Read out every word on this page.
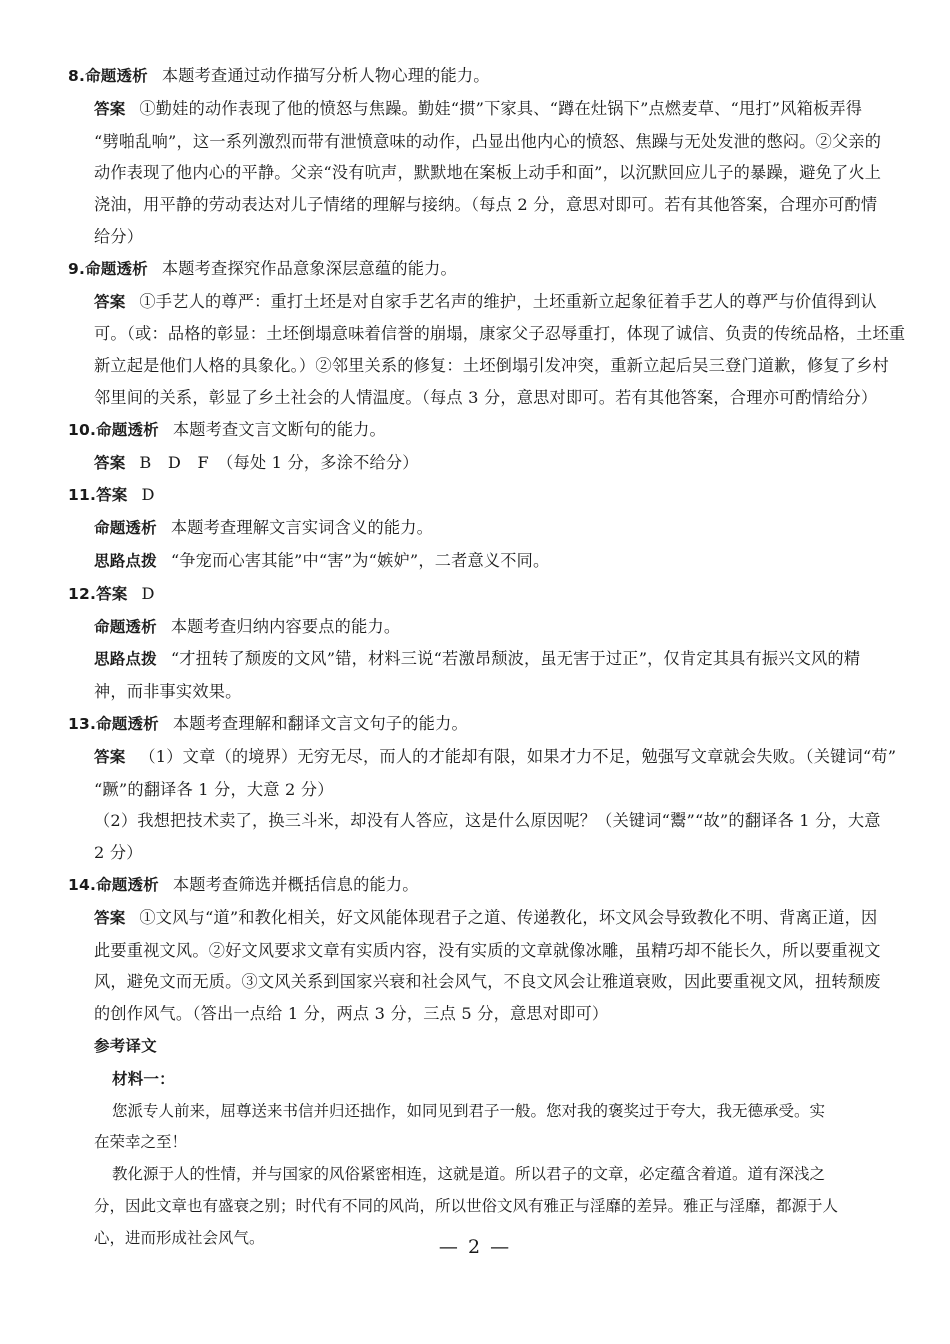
8.命题透析 本题考查通过动作描写分析人物心理的能力。
答案 ①勤娃的动作表现了他的愤怒与焦躁。勤娃“掼”下家具、“蹲在灶锅下”点燃麦草、“甩打”风箱板弄得
“劈啪乱响”，这一系列激烈而带有泄愤意味的动作，凸显出他内心的愤怒、焦躁与无处发泄的憋闷。②父亲的
动作表现了他内心的平静。父亲“没有吭声，默默地在案板上动手和面”，以沉默回应儿子的暴躁，避免了火上
浇油，用平静的劳动表达对儿子情绪的理解与接纳。（每点 2 分，意思对即可。若有其他答案，合理亦可酌情
给分）
9.命题透析 本题考查探究作品意象深层意蕴的能力。
答案 ①手艺人的尊严：重打土坯是对自家手艺名声的维护，土坯重新立起象征着手艺人的尊严与价值得到认
可。（或：品格的彰显：土坯倒塌意味着信誉的崩塌，康家父子忍辱重打，体现了诚信、负责的传统品格，土坯重
新立起是他们人格的具象化。）②邻里关系的修复：土坯倒塌引发冲突，重新立起后吴三登门道歉，修复了乡村
邻里间的关系，彰显了乡土社会的人情温度。（每点 3 分，意思对即可。若有其他答案，合理亦可酌情给分）
10.命题透析 本题考查文言文断句的能力。
答案 B　D　F　（每处 1 分，多涂不给分）
11.答案 D
命题透析 本题考查理解文言实词含义的能力。
思路点拨 “争宠而心害其能”中“害”为“嫉妒”，二者意义不同。
12.答案 D
命题透析 本题考查归纳内容要点的能力。
思路点拨 “才扭转了颓废的文风”错，材料三说“若激昂颓波，虽无害于过正”，仅肯定其具有振兴文风的精
神，而非事实效果。
13.命题透析 本题考查理解和翻译文言文句子的能力。
答案 （1）文章（的境界）无穷无尽，而人的才能却有限，如果才力不足，勉强写文章就会失败。（关键词“苟”
“蹶”的翻译各 1 分，大意 2 分）
（2）我想把技术卖了，换三斗米，却没有人答应，这是什么原因呢？（关键词“鬻”“故”的翻译各 1 分，大意
2 分）
14.命题透析 本题考查筛选并概括信息的能力。
答案 ①文风与“道”和教化相关，好文风能体现君子之道、传递教化，坏文风会导致教化不明、背离正道，因
此要重视文风。②好文风要求文章有实质内容，没有实质的文章就像冰雕，虽精巧却不能长久，所以要重视文
风，避免文而无质。③文风关系到国家兴衰和社会风气，不良文风会让雅道衰败，因此要重视文风，扭转颓废
的创作风气。（答出一点给 1 分，两点 3 分，三点 5 分，意思对即可）
参考译文
材料一：
您派专人前来，屈尊送来书信并归还拙作，如同见到君子一般。您对我的褒奖过于夸大，我无德承受。实
在荣幸之至！
教化源于人的性情，并与国家的风俗紧密相连，这就是道。所以君子的文章，必定蕴含着道。道有深浅之
分，因此文章也有盛衰之别；时代有不同的风尚，所以世俗文风有雅正与淫靡的差异。雅正与淫靡，都源于人
心，进而形成社会风气。	— 2 —
